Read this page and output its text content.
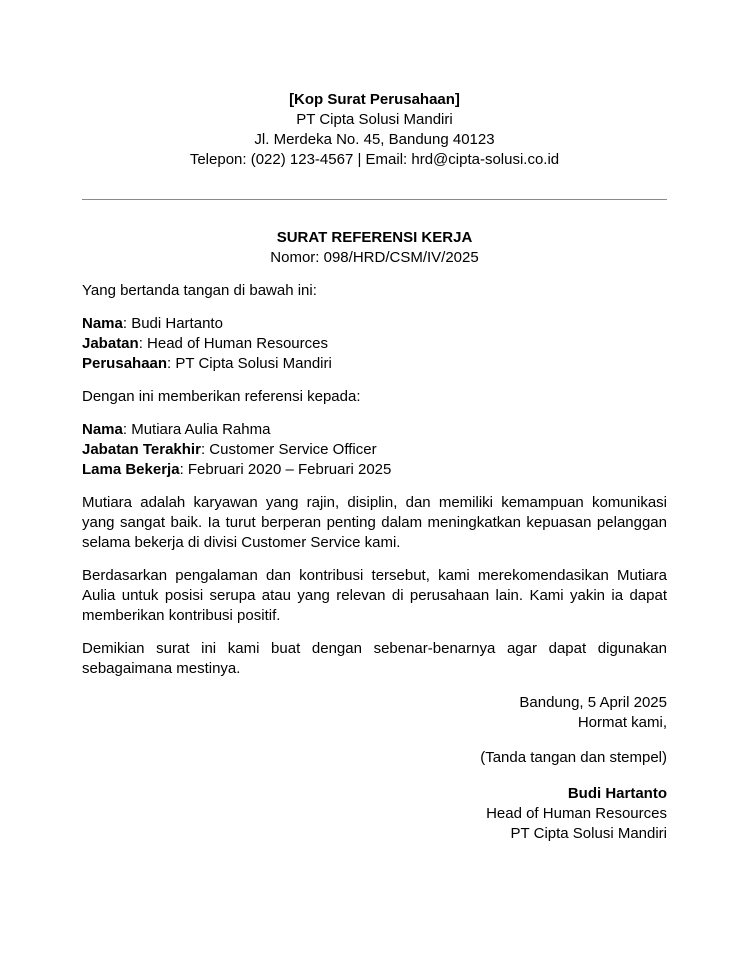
[Kop Surat Perusahaan]
PT Cipta Solusi Mandiri
Jl. Merdeka No. 45, Bandung 40123
Telepon: (022) 123-4567 | Email: hrd@cipta-solusi.co.id
SURAT REFERENSI KERJA
Nomor: 098/HRD/CSM/IV/2025

Yang bertanda tangan di bawah ini:

Nama: Budi Hartanto
Jabatan: Head of Human Resources
Perusahaan: PT Cipta Solusi Mandiri

Dengan ini memberikan referensi kepada:

Nama: Mutiara Aulia Rahma
Jabatan Terakhir: Customer Service Officer
Lama Bekerja: Februari 2020 – Februari 2025

Mutiara adalah karyawan yang rajin, disiplin, dan memiliki kemampuan komunikasi yang sangat baik. Ia turut berperan penting dalam meningkatkan kepuasan pelanggan selama bekerja di divisi Customer Service kami.

Berdasarkan pengalaman dan kontribusi tersebut, kami merekomendasikan Mutiara Aulia untuk posisi serupa atau yang relevan di perusahaan lain. Kami yakin ia dapat memberikan kontribusi positif.

Demikian surat ini kami buat dengan sebenar-benarnya agar dapat digunakan sebagaimana mestinya.

Bandung, 5 April 2025
Hormat kami,
(Tanda tangan dan stempel)
Budi Hartanto
Head of Human Resources
PT Cipta Solusi Mandiri
